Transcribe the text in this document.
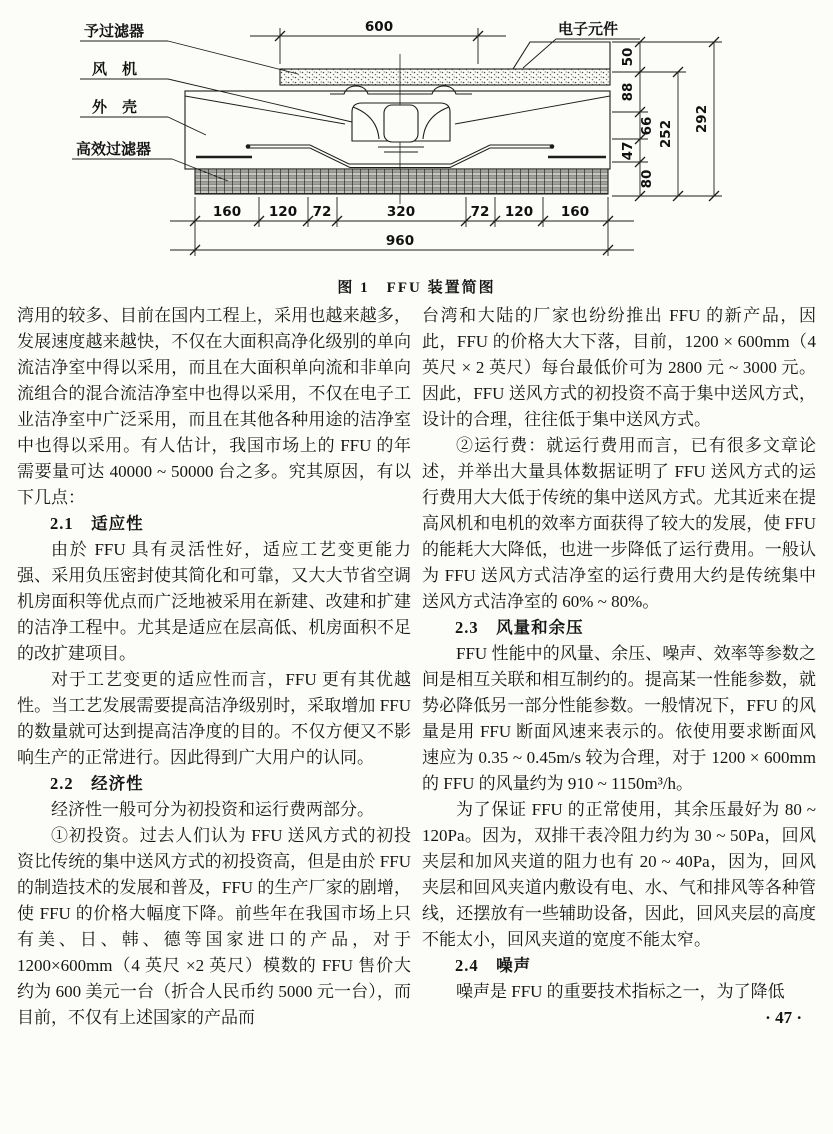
予过滤器
风　机
外　壳
高效过滤器
电子元件
600
160 120 72	320	72 120 160
960
50
88
66
47
80
252
292
图 1　FFU 装置简图

湾用的较多、目前在国内工程上，采用也越来越多，发展速度越来越快，不仅在大面积高净化级别的单向流洁净室中得以采用，而且在大面积单向流和非单向流组合的混合流洁净室中也得以采用，不仅在电子工业洁净室中广泛采用，而且在其他各种用途的洁净室中也得以采用。有人估计，我国市场上的 FFU 的年需要量可达 40000 ~ 50000 台之多。究其原因，有以下几点：

2.1　适应性

由於 FFU 具有灵活性好，适应工艺变更能力强、采用负压密封使其简化和可靠，又大大节省空调机房面积等优点而广泛地被采用在新建、改建和扩建的洁净工程中。尤其是适应在层高低、机房面积不足的改扩建项目。

对于工艺变更的适应性而言，FFU 更有其优越性。当工艺发展需要提高洁净级别时，采取增加 FFU 的数量就可达到提高洁净度的目的。不仅方便又不影响生产的正常进行。因此得到广大用户的认同。

2.2　经济性

经济性一般可分为初投资和运行费两部分。

①初投资。过去人们认为 FFU 送风方式的初投资比传统的集中送风方式的初投资高，但是由於 FFU 的制造技术的发展和普及，FFU 的生产厂家的剧增，使 FFU 的价格大幅度下降。前些年在我国市场上只有美、日、韩、德等国家进口的产品，对于 1200×600mm（4 英尺 ×2 英尺）模数的 FFU 售价大约为 600 美元一台（折合人民币约 5000 元一台），而目前，不仅有上述国家的产品而

台湾和大陆的厂家也纷纷推出 FFU 的新产品，因此，FFU 的价格大大下落，目前，1200 × 600mm（4 英尺 × 2 英尺）每台最低价可为 2800 元 ~ 3000 元。因此，FFU 送风方式的初投资不高于集中送风方式，设计的合理，往往低于集中送风方式。

②运行费：就运行费用而言，已有很多文章论述，并举出大量具体数据证明了 FFU 送风方式的运行费用大大低于传统的集中送风方式。尤其近来在提高风机和电机的效率方面获得了较大的发展，使 FFU 的能耗大大降低，也进一步降低了运行费用。一般认为 FFU 送风方式洁净室的运行费用大约是传统集中送风方式洁净室的 60% ~ 80%。

2.3　风量和余压

FFU 性能中的风量、余压、噪声、效率等参数之间是相互关联和相互制约的。提高某一性能参数，就势必降低另一部分性能参数。一般情况下，FFU 的风量是用 FFU 断面风速来表示的。依使用要求断面风速应为 0.35 ~ 0.45m/s 较为合理，对于 1200 × 600mm 的 FFU 的风量约为 910 ~ 1150m³/h。

为了保证 FFU 的正常使用，其余压最好为 80 ~ 120Pa。因为，双排干表冷阻力约为 30 ~ 50Pa，回风夹层和加风夹道的阻力也有 20 ~ 40Pa，因为，回风夹层和回风夹道内敷设有电、水、气和排风等各种管线，还摆放有一些辅助设备，因此，回风夹层的高度不能太小，回风夹道的宽度不能太窄。

2.4　噪声

噪声是 FFU 的重要技术指标之一，为了降低

· 47 ·
